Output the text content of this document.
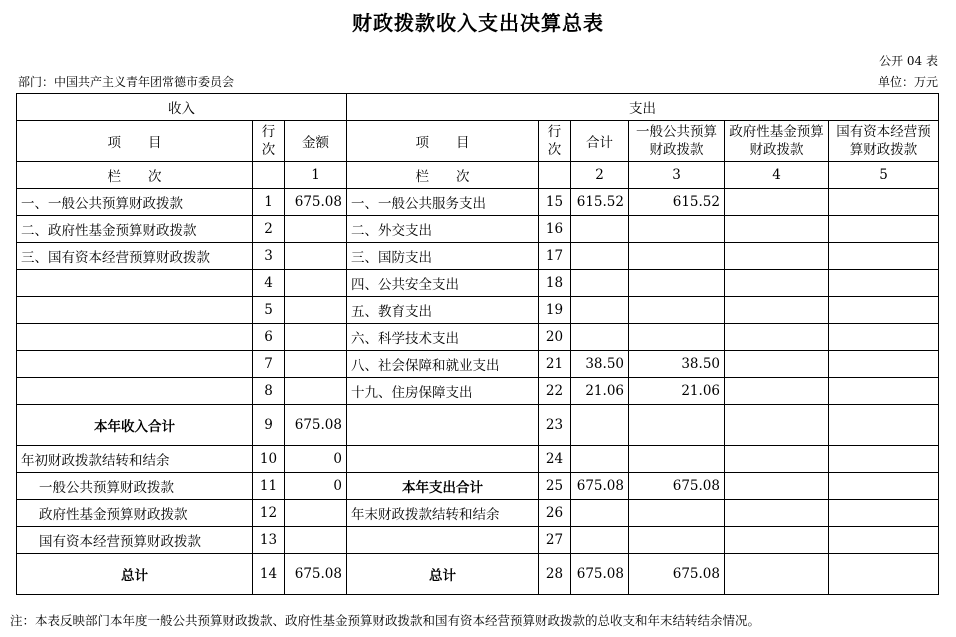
财政拨款收入支出决算总表
公开 04 表
部门：中国共产主义青年团常德市委员会	单位：万元
收入			支出					
项　　目	行次	金额	项　　目	行次	合计	一般公共预算财政拨款	政府性基金预算财政拨款	国有资本经营预算财政拨款
栏　　次		1	栏　　次		2	3	4	5
一、一般公共预算财政拨款	1	675.08	一、一般公共服务支出	15	615.52	615.52		
二、政府性基金预算财政拨款	2		二、外交支出	16				
三、国有资本经营预算财政拨款	3		三、国防支出	17				
	4		四、公共安全支出	18				
	5		五、教育支出	19				
	6		六、科学技术支出	20				
	7		八、社会保障和就业支出	21	38.50	38.50		
	8		十九、住房保障支出	22	21.06	21.06		
本年收入合计	9	675.08		23				
年初财政拨款结转和结余	10	0		24				
一般公共预算财政拨款	11	0	本年支出合计	25	675.08	675.08		
政府性基金预算财政拨款	12		年末财政拨款结转和结余	26				
国有资本经营预算财政拨款	13			27				
总计	14	675.08	总计	28	675.08	675.08		
注：本表反映部门本年度一般公共预算财政拨款、政府性基金预算财政拨款和国有资本经营预算财政拨款的总收支和年末结转结余情况。
